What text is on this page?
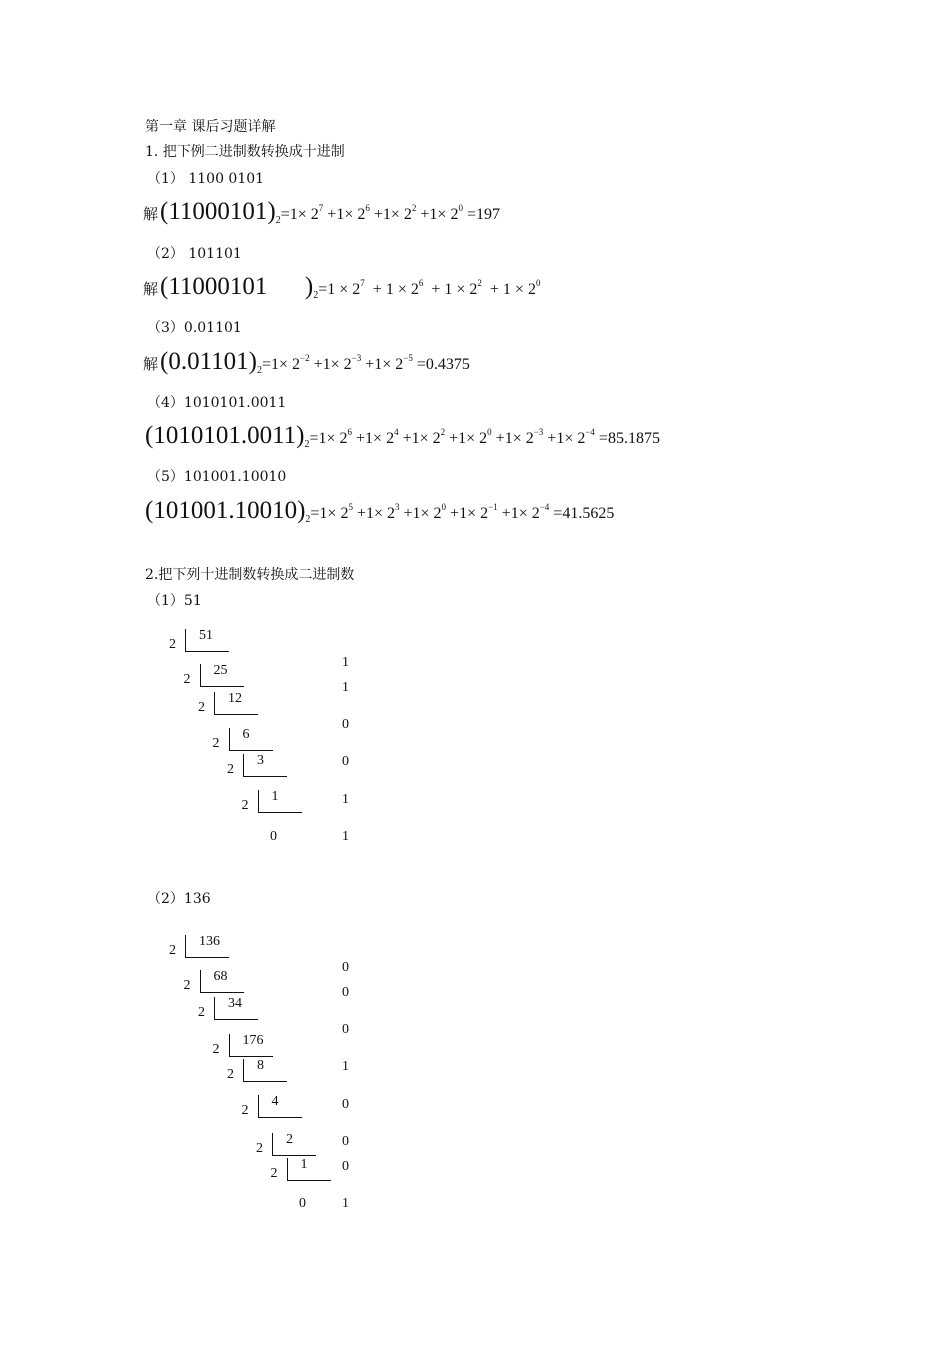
第一章 课后习题详解
1. 把下例二进制数转换成十进制
（1） 1100 0101
解$(11000101)_2=1\times 2^7 +1\times 2^6 +1\times 2^2 +1\times 2^0 =197$
（2） 101101
解(11000101      )$_2=1 \times 2^7 + 1 \times 2^6 + 1 \times 2^2 + 1 \times 2^0$
（3）0.01101
解$(0.01101)_2=1\times 2^{-2} +1\times 2^{-3} +1\times 2^{-5} =0.4375$
（4）1010101.0011
$(1010101.0011)_2=1\times 2^6 +1\times 2^4 +1\times 2^2 +1\times 2^0 +1\times 2^{-3} +1\times 2^{-4} =85.1875$
（5）101001.10010
$(101001.10010)_2=1\times 2^5 +1\times 2^3 +1\times 2^0 +1\times 2^{-1} +1\times 2^{-4} =41.5625$
2.把下列十进制数转换成二进制数
（1）51
（2）136
2
51
2
25
2
12
2
6
2
3
2
1
0
1
1
0
0
1
1
2
136
2
68
2
34
2
176
2
8
2
4
2
2
2
1
0
0
0
0
1
0
0
0
1
